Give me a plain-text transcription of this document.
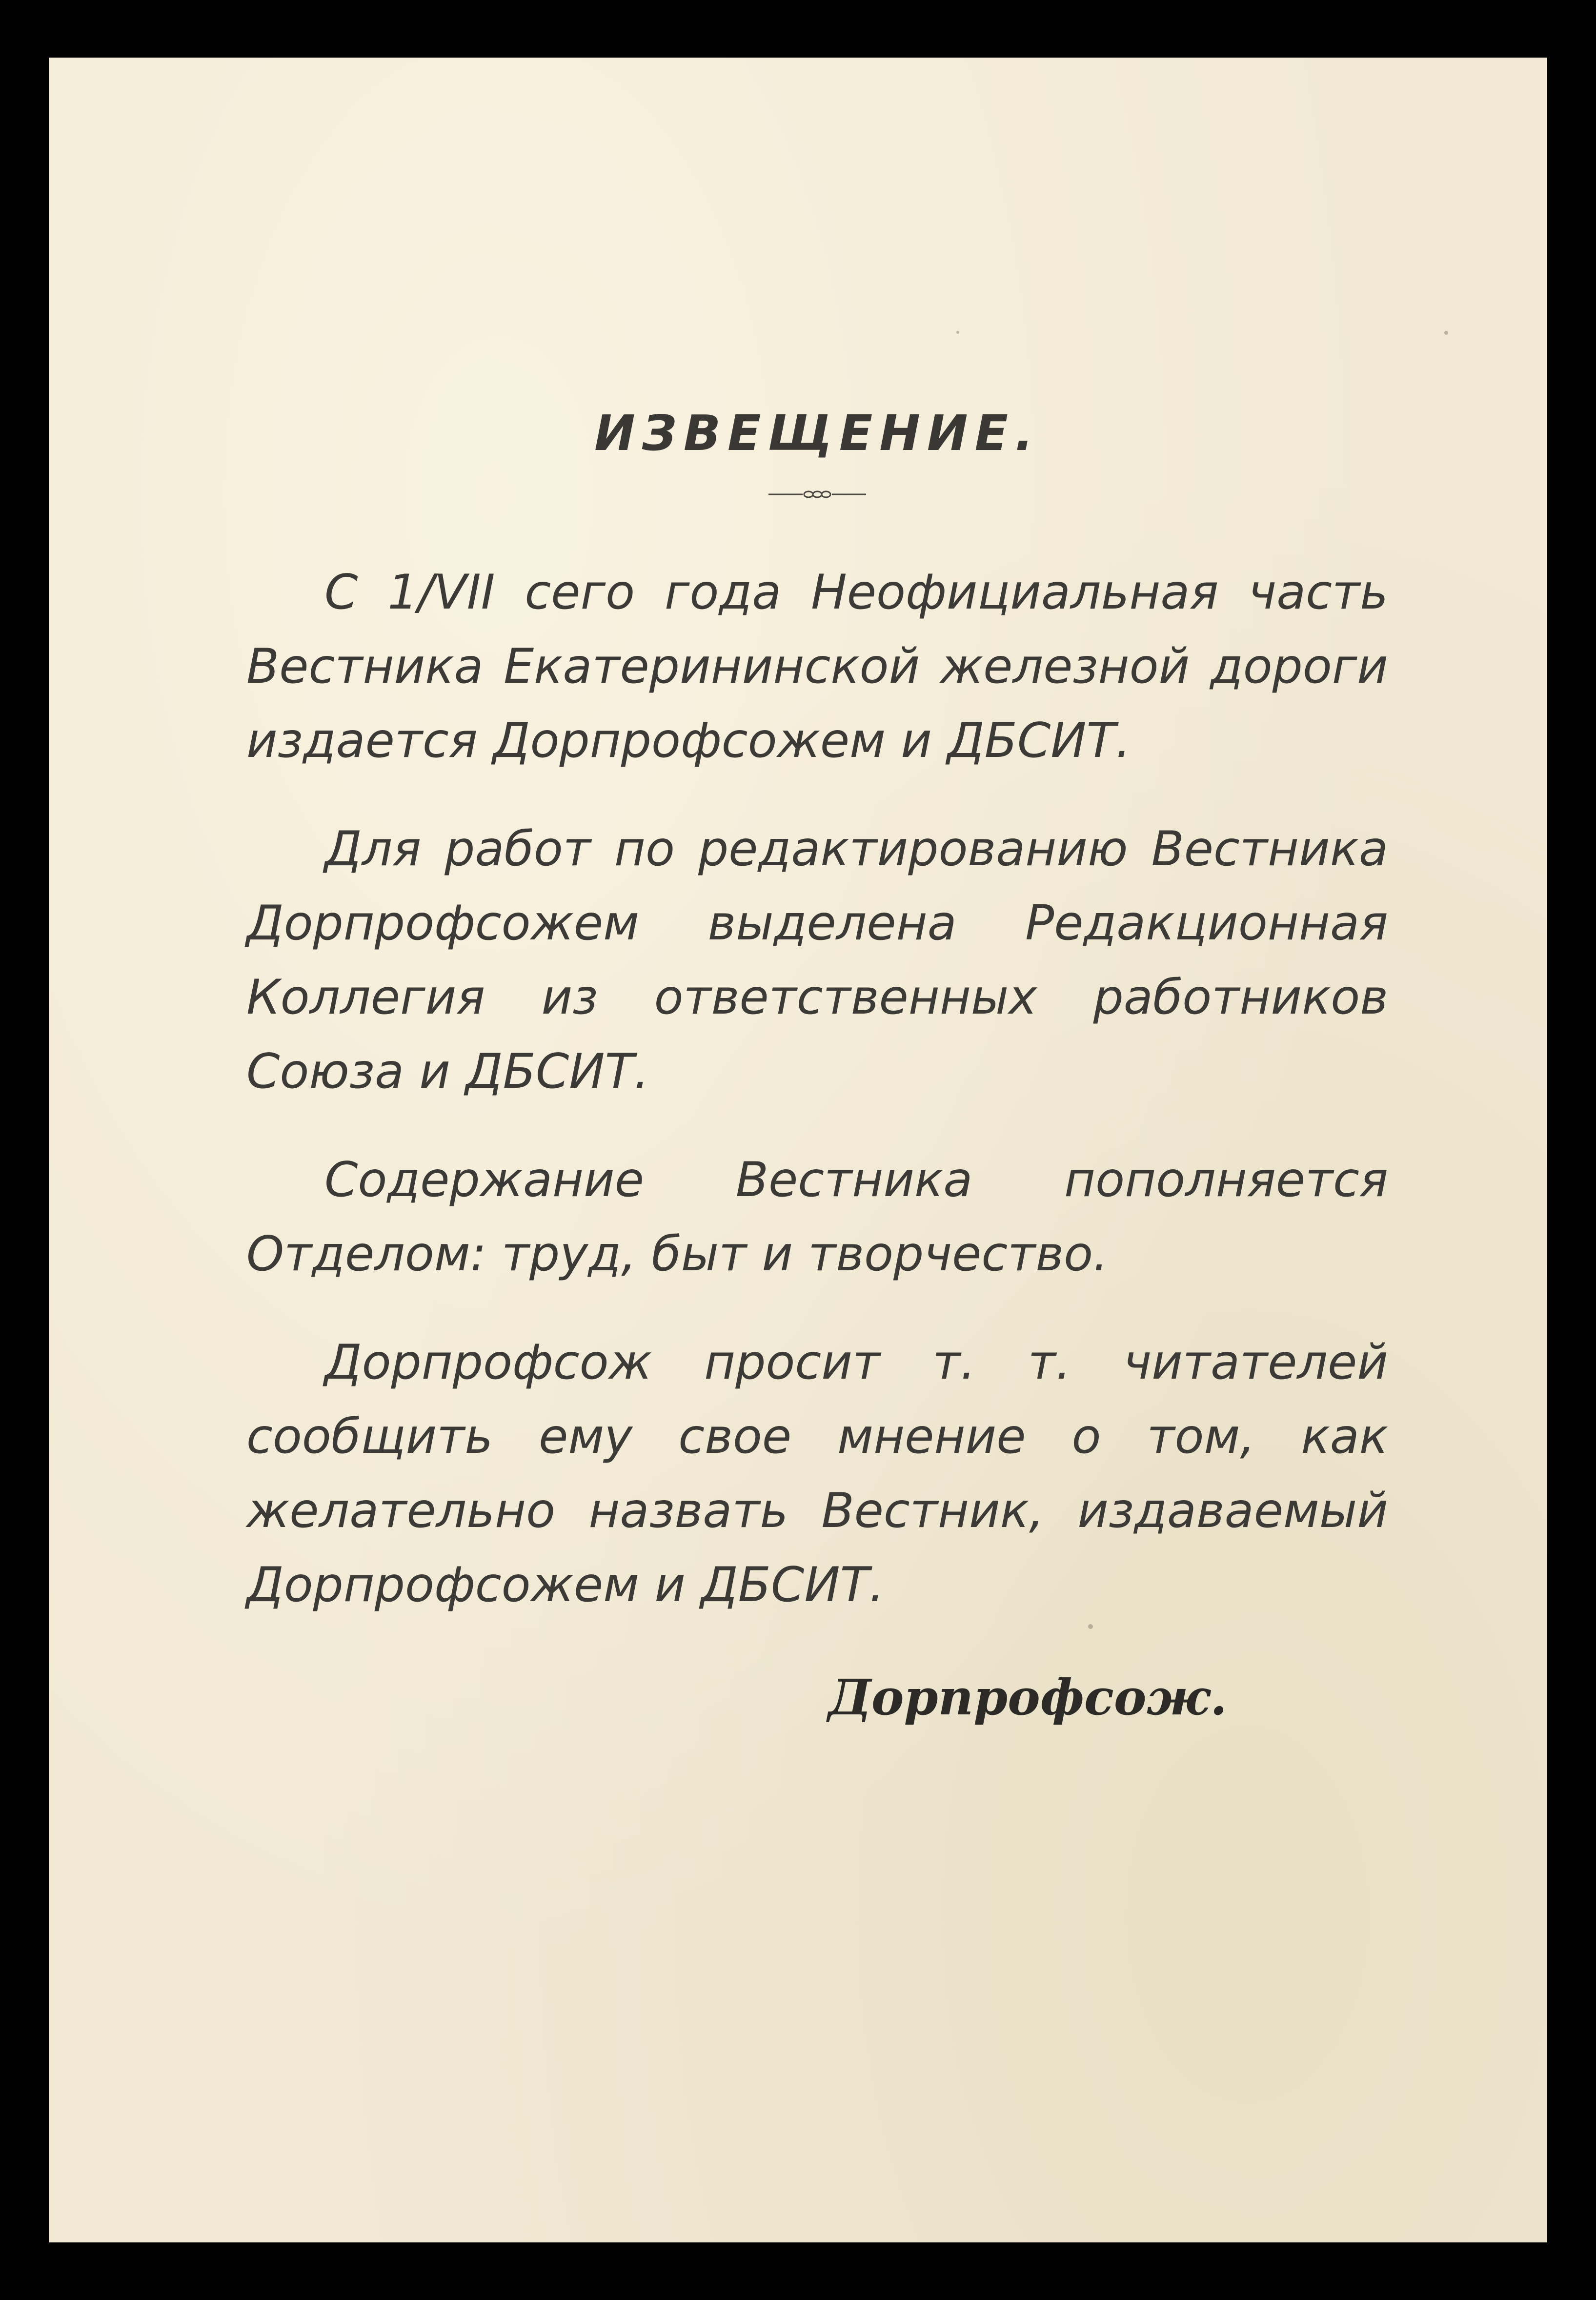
ИЗВЕЩЕНИЕ.

С 1/VII сего года Неофициальная часть Вестника Екатерининской железной дороги издается Дорпрофсожем и ДБСИТ.

Для работ по редактированию Вестника Дорпрофсожем выделена Редакционная Коллегия из ответственных работников Союза и ДБСИТ.

Содержание Вестника пополняется Отделом: труд, быт и творчество.

Дорпрофсож просит т. т. читателей сообщить ему свое мнение о том, как желательно назвать Вестник, издаваемый Дорпрофсожем и ДБСИТ.

Дорпрофсож.
